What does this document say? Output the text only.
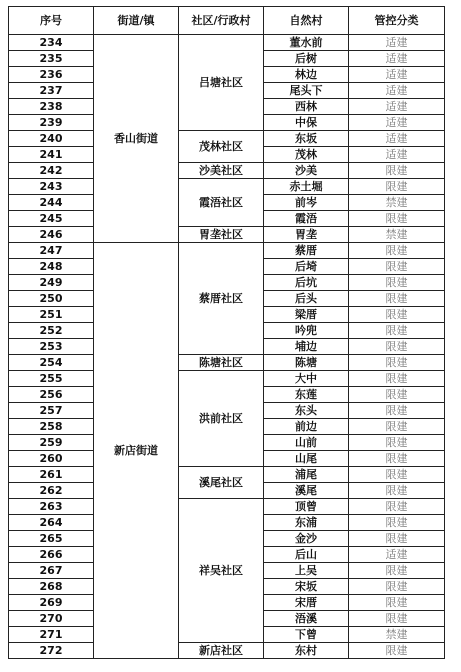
序号	街道/镇	社区/行政村	自然村	管控分类
234	香山街道	吕塘社区	董水前	适建
235			后树	适建
236			林边	适建
237			尾头下	适建
238			西林	适建
239			中保	适建
240		茂林社区	东坂	适建
241			茂林	适建
242		沙美社区	沙美	限建
243		霞浯社区	赤土堀	限建
244			前岑	禁建
245			霞浯	限建
246		胃垄社区	胃垄	禁建
247	新店街道	蔡厝社区	蔡厝	限建
248			后埼	限建
249			后坑	限建
250			后头	限建
251			梁厝	限建
252			吟兜	限建
253			埔边	限建
254		陈塘社区	陈塘	限建
255		洪前社区	大中	限建
256			东莲	限建
257			东头	限建
258			前边	限建
259			山前	限建
260			山尾	限建
261		溪尾社区	浦尾	限建
262			溪尾	限建
263		祥吴社区	顶曾	限建
264			东浦	限建
265			金沙	限建
266			后山	适建
267			上吴	限建
268			宋坂	限建
269			宋厝	限建
270			浯溪	限建
271			下曾	禁建
272		新店社区	东村	限建
